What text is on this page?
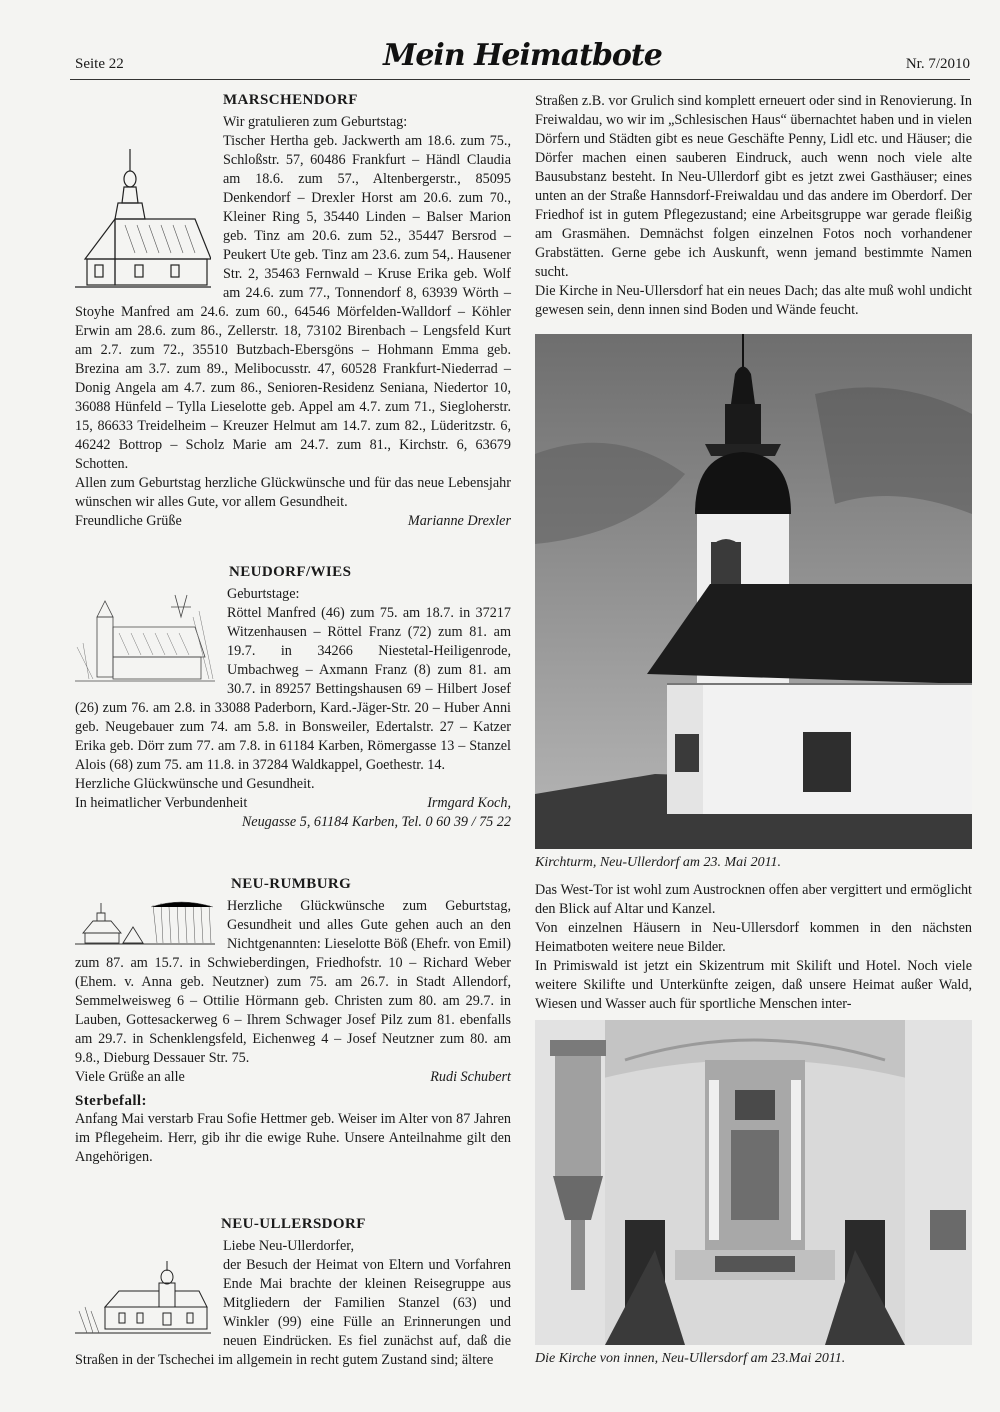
Seite 22	Mein Heimatbote	Nr. 7/2010
MARSCHENDORF

Wir gratulieren zum Geburtstag:

Tischer Hertha geb. Jackwerth am 18.6. zum 75., Schloßstr. 57, 60486 Frankfurt – Händl Claudia am 18.6. zum 57., Altenbergerstr., 85095 Denkendorf – Drexler Horst am 20.6. zum 70., Kleiner Ring 5, 35440 Linden – Balser Marion geb. Tinz am 20.6. zum 52., 35447 Bersrod – Peukert Ute geb. Tinz am 23.6. zum 54,. Hausener Str. 2, 35463 Fernwald – Kruse Erika geb. Wolf am 24.6. zum 77., Tonnendorf 8, 63939 Wörth – Stoyhe Manfred am 24.6. zum 60., 64546 Mörfelden-Walldorf – Köhler Erwin am 28.6. zum 86., Zellerstr. 18, 73102 Birenbach – Lengsfeld Kurt am 2.7. zum 72., 35510 Butzbach-Ebersgöns – Hohmann Emma geb. Brezina am 3.7. zum 89., Melibocusstr. 47, 60528 Frankfurt-Niederrad – Donig Angela am 4.7. zum 86., Senioren-Residenz Seniana, Niedertor 10, 36088 Hünfeld – Tylla Lieselotte geb. Appel am 4.7. zum 71., Siegloherstr. 15, 86633 Treidelheim – Kreuzer Helmut am 14.7. zum 82., Lüderitzstr. 6, 46242 Bottrop – Scholz Marie am 24.7. zum 81., Kirchstr. 6, 63679 Schotten.

Allen zum Geburtstag herzliche Glückwünsche und für das neue Lebensjahr wünschen wir alles Gute, vor allem Gesundheit.

Freundliche Grüße	Marianne Drexler
NEUDORF/WIES

Geburtstage:

Röttel Manfred (46) zum 75. am 18.7. in 37217 Witzenhausen – Röttel Franz (72) zum 81. am 19.7. in 34266 Niestetal-Heiligenrode, Umbachweg – Axmann Franz (8) zum 81. am 30.7. in 89257 Bettingshausen 69 – Hilbert Josef (26) zum 76. am 2.8. in 33088 Paderborn, Kard.-Jäger-Str. 20 – Huber Anni geb. Neugebauer zum 74. am 5.8. in Bonsweiler, Edertalstr. 27 – Katzer Erika geb. Dörr zum 77. am 7.8. in 61184 Karben, Römergasse 13 – Stanzel Alois (68) zum 75. am 11.8. in 37284 Waldkappel, Goethestr. 14.

Herzliche Glückwünsche und Gesundheit.

In heimatlicher Verbundenheit	Irmgard Koch,
Neugasse 5, 61184 Karben, Tel. 0 60 39 / 75 22
NEU-RUMBURG

Herzliche Glückwünsche zum Geburtstag, Gesundheit und alles Gute gehen auch an den Nichtgenannten: Lieselotte Böß (Ehefr. von Emil) zum 87. am 15.7. in Schwieberdingen, Friedhofstr. 10 – Richard Weber (Ehem. v. Anna geb. Neutzner) zum 75. am 26.7. in Stadt Allendorf, Semmelweisweg 6 – Ottilie Hörmann geb. Christen zum 80. am 29.7. in Lauben, Gottesackerweg 6 – Ihrem Schwager Josef Pilz zum 81. ebenfalls am 29.7. in Schenklengsfeld, Eichenweg 4 – Josef Neutzner zum 80. am 9.8., Dieburg Dessauer Str. 75.

Viele Grüße an alle	Rudi Schubert
Sterbefall:

Anfang Mai verstarb Frau Sofie Hettmer geb. Weiser im Alter von 87 Jahren im Pflegeheim. Herr, gib ihr die ewige Ruhe. Unsere Anteilnahme gilt den Angehörigen.

NEU-ULLERSDORF

Liebe Neu-Ullerdorfer,

der Besuch der Heimat von Eltern und Vorfahren Ende Mai brachte der kleinen Reisegruppe aus Mitgliedern der Familien Stanzel (63) und Winkler (99) eine Fülle an Erinnerungen und neuen Eindrücken. Es fiel zunächst auf, daß die Straßen in der Tschechei im allgemein in recht gutem Zustand sind; ältere

Straßen z.B. vor Grulich sind komplett erneuert oder sind in Renovierung. In Freiwaldau, wo wir im „Schlesischen Haus“ übernachtet haben und in vielen Dörfern und Städten gibt es neue Geschäfte Penny, Lidl etc. und Häuser; die Dörfer machen einen sauberen Eindruck, auch wenn noch viele alte Bausubstanz besteht. In Neu-Ullerdorf gibt es jetzt zwei Gasthäuser; eines unten an der Straße Hannsdorf-Freiwaldau und das andere im Oberdorf. Der Friedhof ist in gutem Pflegezustand; eine Arbeitsgruppe war gerade fleißig am Grasmähen. Demnächst folgen einzelnen Fotos noch vorhandener Grabstätten. Gerne gebe ich Auskunft, wenn jemand bestimmte Namen sucht.

Die Kirche in Neu-Ullersdorf hat ein neues Dach; das alte muß wohl undicht gewesen sein, denn innen sind Boden und Wände feucht.

Kirchturm, Neu-Ullerdorf am 23. Mai 2011.

Das West-Tor ist wohl zum Austrocknen offen aber vergittert und ermöglicht den Blick auf Altar und Kanzel.

Von einzelnen Häusern in Neu-Ullersdorf kommen in den nächsten Heimatboten weitere neue Bilder.

In Primiswald ist jetzt ein Skizentrum mit Skilift und Hotel. Noch viele weitere Skilifte und Unterkünfte zeigen, daß unsere Heimat außer Wald, Wiesen und Wasser auch für sportliche Menschen inter-

Die Kirche von innen, Neu-Ullersdorf am 23.Mai 2011.
